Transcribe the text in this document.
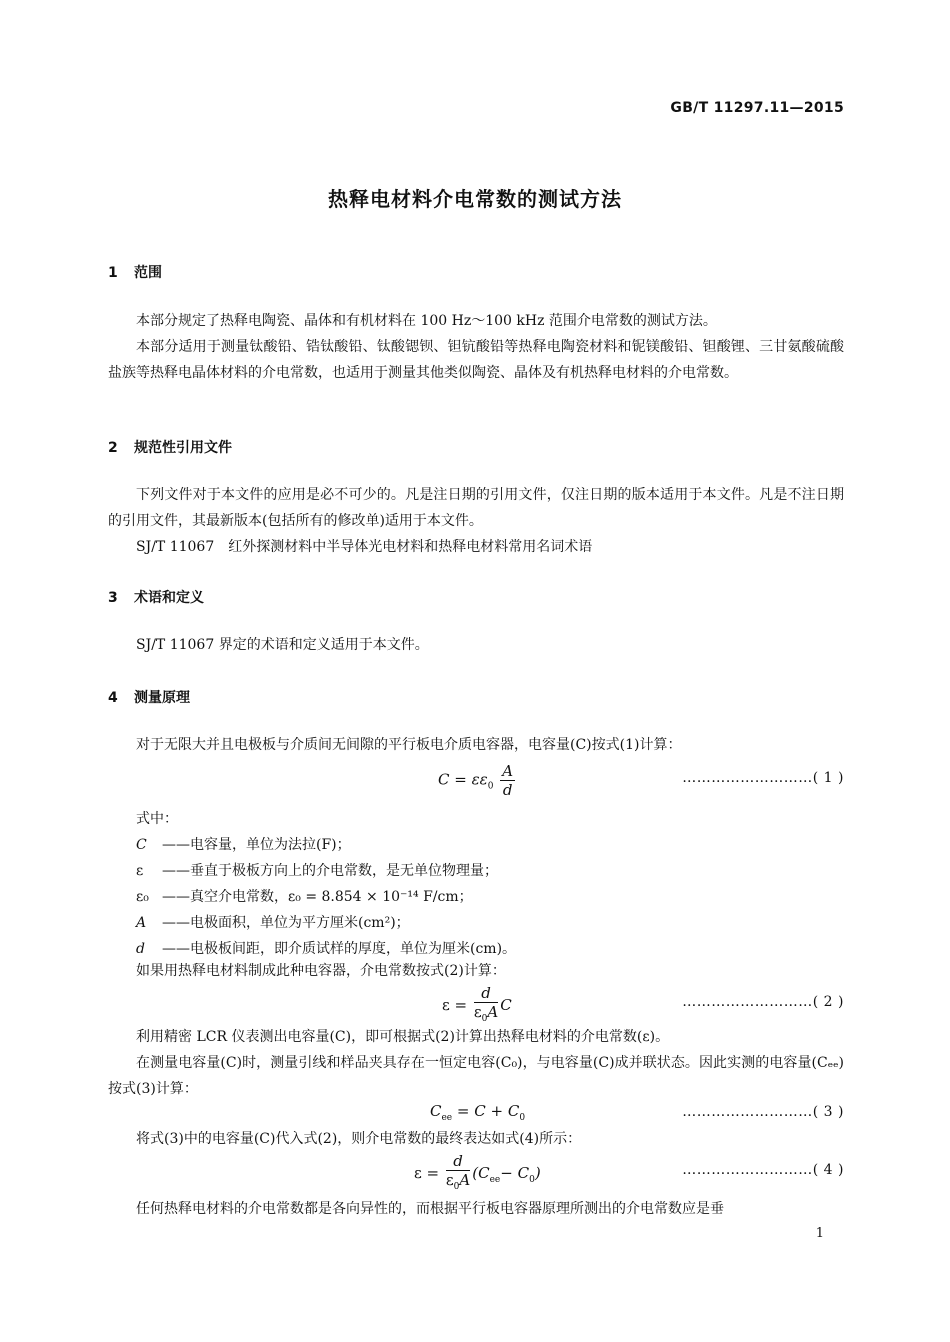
GB/T 11297.11—2015
热释电材料介电常数的测试方法
1 范围
本部分规定了热释电陶瓷、晶体和有机材料在 100 Hz～100 kHz 范围介电常数的测试方法。
本部分适用于测量钛酸铅、锆钛酸铅、钛酸锶钡、钽钪酸铅等热释电陶瓷材料和铌镁酸铅、钽酸锂、三甘氨酸硫酸盐族等热释电晶体材料的介电常数，也适用于测量其他类似陶瓷、晶体及有机热释电材料的介电常数。
2 规范性引用文件
下列文件对于本文件的应用是必不可少的。凡是注日期的引用文件，仅注日期的版本适用于本文件。凡是不注日期的引用文件，其最新版本(包括所有的修改单)适用于本文件。
SJ/T 11067　红外探测材料中半导体光电材料和热释电材料常用名词术语
3 术语和定义
SJ/T 11067 界定的术语和定义适用于本文件。
4 测量原理
对于无限大并且电极板与介质间无间隙的平行板电介质电容器，电容量(C)按式(1)计算：
$C = \varepsilon\varepsilon_0 \frac{A}{d}$	………………………( 1 )
式中：
C ——电容量，单位为法拉(F)；
ε ——垂直于极板方向上的介电常数，是无单位物理量；
ε₀ ——真空介电常数，ε₀ = 8.854 × 10⁻¹⁴ F/cm；
A ——电极面积，单位为平方厘米(cm²)；
d ——电极板间距，即介质试样的厚度，单位为厘米(cm)。
如果用热释电材料制成此种电容器，介电常数按式(2)计算：
$\varepsilon = \frac{d}{\varepsilon_0A}$ C	………………………( 2 )
利用精密 LCR 仪表测出电容量(C)，即可根据式(2)计算出热释电材料的介电常数(ε)。
在测量电容量(C)时，测量引线和样品夹具存在一恒定电容(C₀)，与电容量(C)成并联状态。因此实测的电容量(Cₑₑ)按式(3)计算：
$C_{ee} = C + C_0$	………………………( 3 )
将式(3)中的电容量(C)代入式(2)，则介电常数的最终表达如式(4)所示：
$\varepsilon = \frac{d}{\varepsilon_0A} (C_{ee}- C_0)$	………………………( 4 )
任何热释电材料的介电常数都是各向异性的，而根据平行板电容器原理所测出的介电常数应是垂
1
